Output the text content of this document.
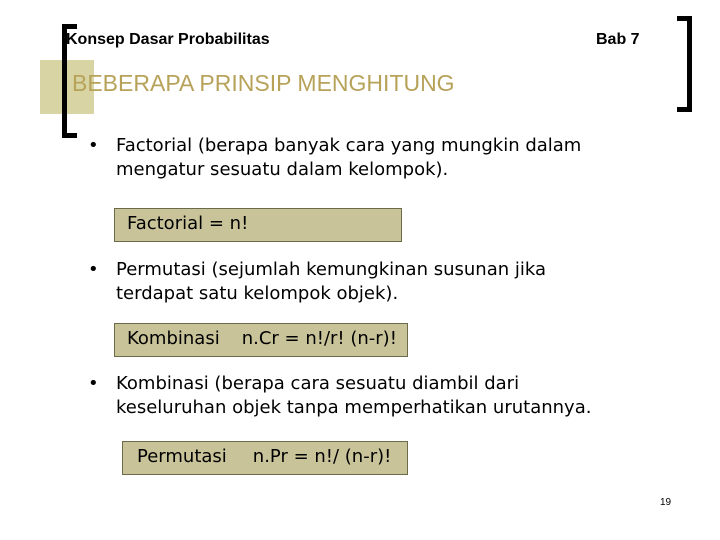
Konsep Dasar Probabilitas	Bab 7
BEBERAPA PRINSIP MENGHITUNG
• Factorial (berapa banyak cara yang mungkin dalam mengatur sesuatu dalam kelompok).
Factorial = n!
• Permutasi (sejumlah kemungkinan susunan jika terdapat satu kelompok objek).
Kombinasi n.Cr = n!/r! (n-r)!
• Kombinasi (berapa cara sesuatu diambil dari keseluruhan objek tanpa memperhatikan urutannya.
Permutasi n.Pr = n!/ (n-r)!
19
